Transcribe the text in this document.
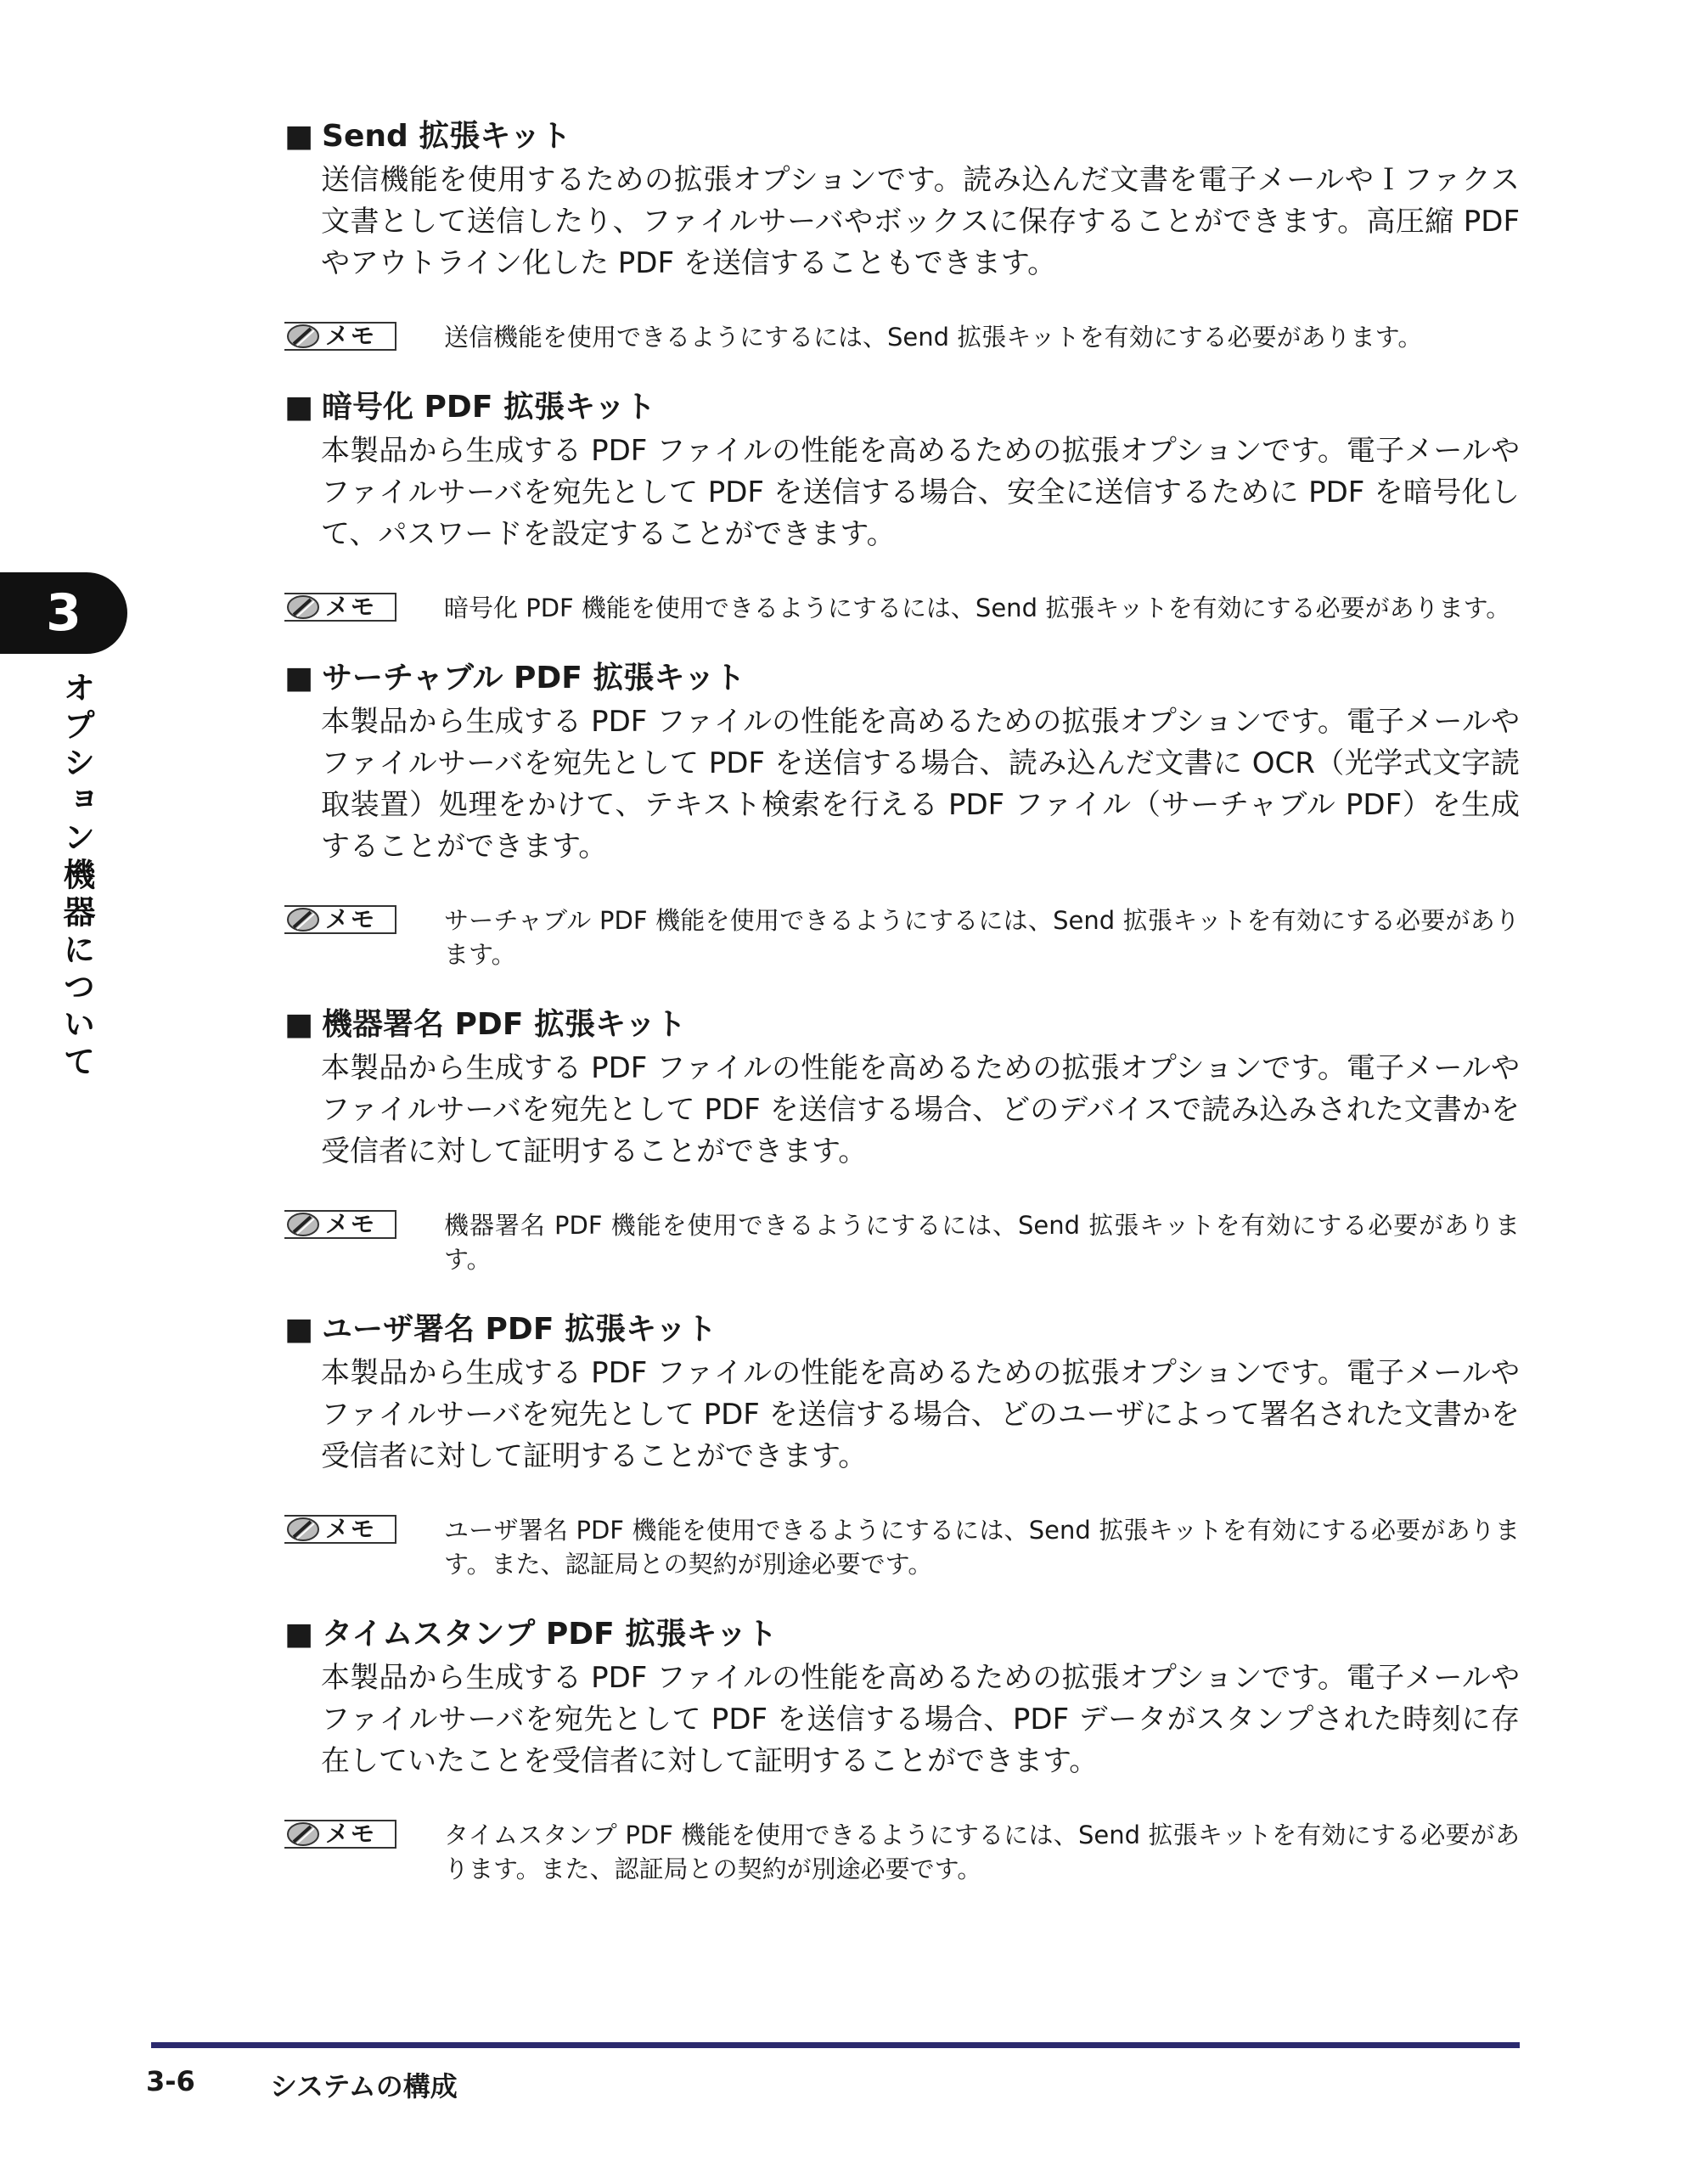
3
オプション機器について
■ Send 拡張キット
送信機能を使用するための拡張オプションです。読み込んだ文書を電子メールやＩファクス文書として送信したり、ファイルサーバやボックスに保存することができます。高圧縮 PDF やアウトライン化した PDF を送信することもできます。
メモ	送信機能を使用できるようにするには、Send 拡張キットを有効にする必要があります。
■ 暗号化 PDF 拡張キット
本製品から生成する PDF ファイルの性能を高めるための拡張オプションです。電子メールやファイルサーバを宛先として PDF を送信する場合、安全に送信するために PDF を暗号化して、パスワードを設定することができます。
メモ	暗号化 PDF 機能を使用できるようにするには、Send 拡張キットを有効にする必要があります。
■ サーチャブル PDF 拡張キット
本製品から生成する PDF ファイルの性能を高めるための拡張オプションです。電子メールやファイルサーバを宛先として PDF を送信する場合、読み込んだ文書に OCR（光学式文字読取装置）処理をかけて、テキスト検索を行える PDF ファイル（サーチャブル PDF）を生成することができます。
メモ	サーチャブル PDF 機能を使用できるようにするには、Send 拡張キットを有効にする必要があります。
■ 機器署名 PDF 拡張キット
本製品から生成する PDF ファイルの性能を高めるための拡張オプションです。電子メールやファイルサーバを宛先として PDF を送信する場合、どのデバイスで読み込みされた文書かを受信者に対して証明することができます。
メモ	機器署名 PDF 機能を使用できるようにするには、Send 拡張キットを有効にする必要があります。
■ ユーザ署名 PDF 拡張キット
本製品から生成する PDF ファイルの性能を高めるための拡張オプションです。電子メールやファイルサーバを宛先として PDF を送信する場合、どのユーザによって署名された文書かを受信者に対して証明することができます。
メモ	ユーザ署名 PDF 機能を使用できるようにするには、Send 拡張キットを有効にする必要があります。また、認証局との契約が別途必要です。
■ タイムスタンプ PDF 拡張キット
本製品から生成する PDF ファイルの性能を高めるための拡張オプションです。電子メールやファイルサーバを宛先として PDF を送信する場合、PDF データがスタンプされた時刻に存在していたことを受信者に対して証明することができます。
メモ	タイムスタンプ PDF 機能を使用できるようにするには、Send 拡張キットを有効にする必要があります。また、認証局との契約が別途必要です。
3-6	システムの構成
